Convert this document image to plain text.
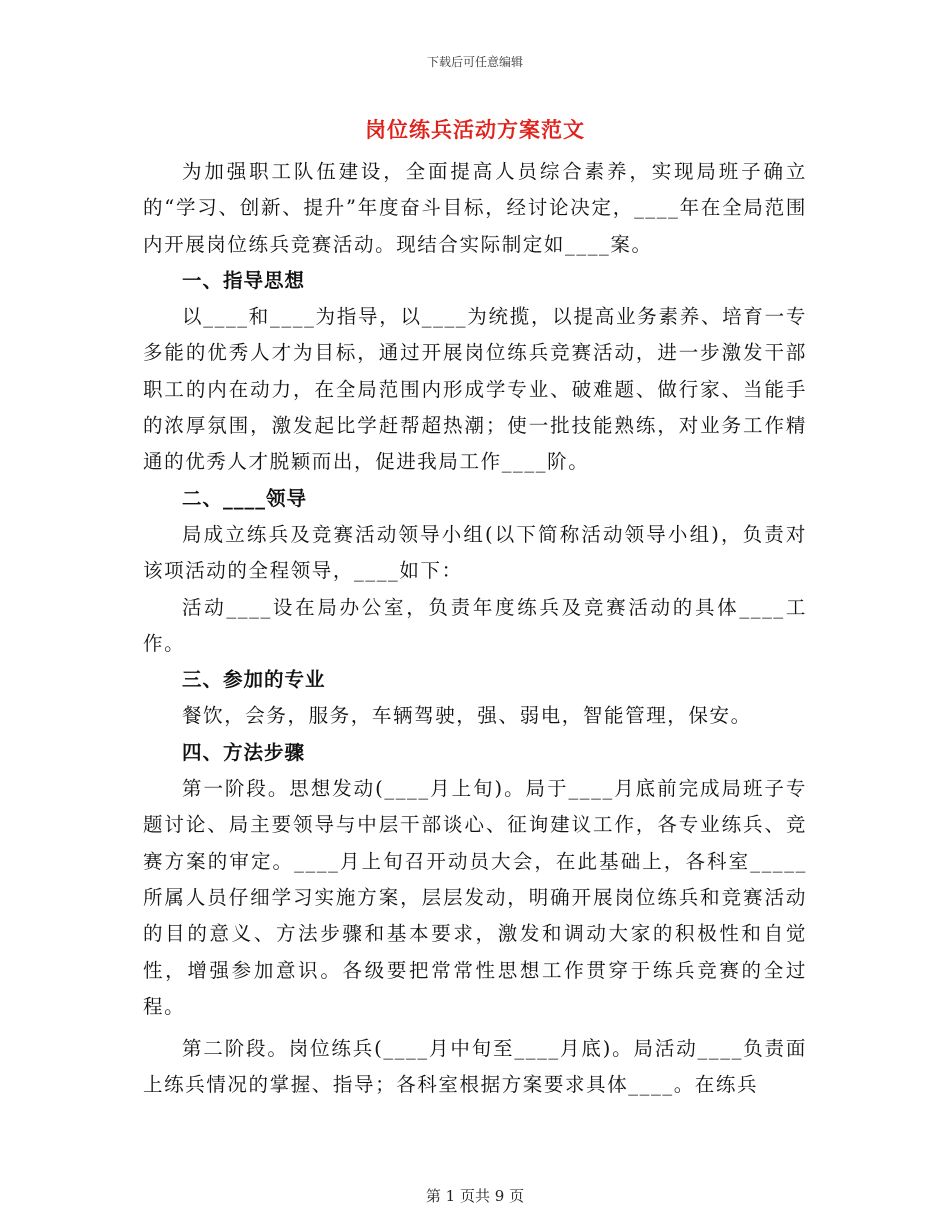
下载后可任意编辑
岗位练兵活动方案范文

为加强职工队伍建设，全面提高人员综合素养，实现局班子确立的“学习、创新、提升”年度奋斗目标，经讨论决定，____年在全局范围内开展岗位练兵竞赛活动。现结合实际制定如____案。

一、指导思想

以____和____为指导，以____为统揽，以提高业务素养、培育一专多能的优秀人才为目标，通过开展岗位练兵竞赛活动，进一步激发干部职工的内在动力，在全局范围内形成学专业、破难题、做行家、当能手的浓厚氛围，激发起比学赶帮超热潮；使一批技能熟练，对业务工作精通的优秀人才脱颖而出，促进我局工作____阶。

二、____领导

局成立练兵及竞赛活动领导小组(以下简称活动领导小组)，负责对该项活动的全程领导，____如下：

活动____设在局办公室，负责年度练兵及竞赛活动的具体____工作。

三、参加的专业

餐饮，会务，服务，车辆驾驶，强、弱电，智能管理，保安。

四、方法步骤

第一阶段。思想发动(____月上旬)。局于____月底前完成局班子专题讨论、局主要领导与中层干部谈心、征询建议工作，各专业练兵、竞赛方案的审定。____月上旬召开动员大会，在此基础上，各科室_____所属人员仔细学习实施方案，层层发动，明确开展岗位练兵和竞赛活动的目的意义、方法步骤和基本要求，激发和调动大家的积极性和自觉性，增强参加意识。各级要把常常性思想工作贯穿于练兵竞赛的全过程。

第二阶段。岗位练兵(____月中旬至____月底)。局活动____负责面上练兵情况的掌握、指导；各科室根据方案要求具体____。在练兵

第 1 页共 9 页
